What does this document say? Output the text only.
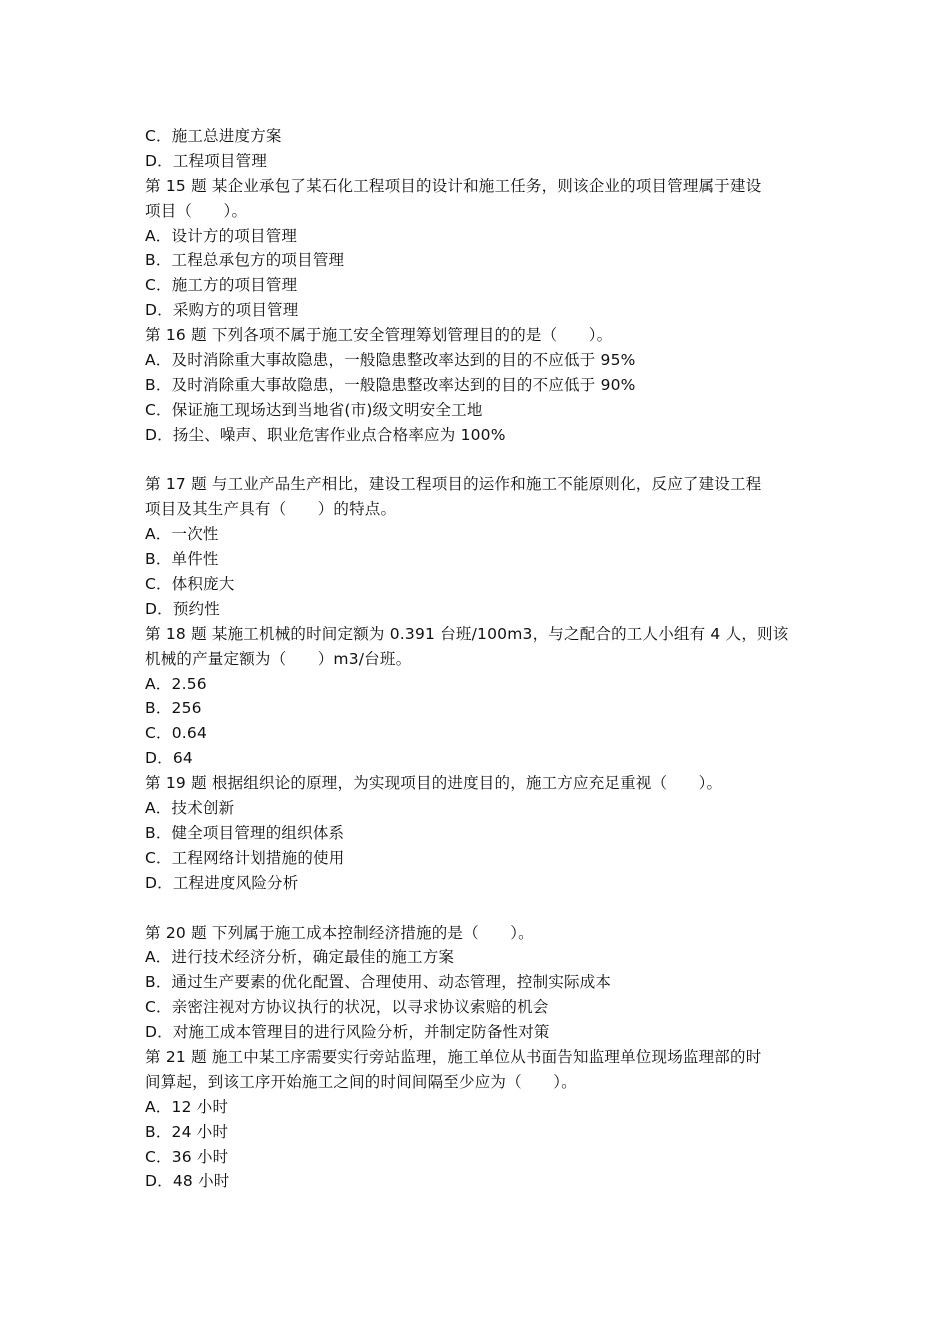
C．施工总进度方案
D．工程项目管理
第 15 题 某企业承包了某石化工程项目的设计和施工任务，则该企业的项目管理属于建设
项目（　　）。
A．设计方的项目管理
B．工程总承包方的项目管理
C．施工方的项目管理
D．采购方的项目管理
第 16 题 下列各项不属于施工安全管理筹划管理目的的是（　　）。
A．及时消除重大事故隐患，一般隐患整改率达到的目的不应低于 95%
B．及时消除重大事故隐患，一般隐患整改率达到的目的不应低于 90%
C．保证施工现场达到当地省(市)级文明安全工地
D．扬尘、噪声、职业危害作业点合格率应为 100%
第 17 题 与工业产品生产相比，建设工程项目的运作和施工不能原则化，反应了建设工程
项目及其生产具有（　　）的特点。
A．一次性
B．单件性
C．体积庞大
D．预约性
第 18 题 某施工机械的时间定额为 0.391 台班/100m3，与之配合的工人小组有 4 人，则该
机械的产量定额为（　　）m3/台班。
A．2.56
B．256
C．0.64
D．64
第 19 题 根据组织论的原理，为实现项目的进度目的，施工方应充足重视（　　）。
A．技术创新
B．健全项目管理的组织体系
C．工程网络计划措施的使用
D．工程进度风险分析
第 20 题 下列属于施工成本控制经济措施的是（　　）。
A．进行技术经济分析，确定最佳的施工方案
B．通过生产要素的优化配置、合理使用、动态管理，控制实际成本
C．亲密注视对方协议执行的状况，以寻求协议索赔的机会
D．对施工成本管理目的进行风险分析，并制定防备性对策
第 21 题 施工中某工序需要实行旁站监理，施工单位从书面告知监理单位现场监理部的时
间算起，到该工序开始施工之间的时间间隔至少应为（　　）。
A．12 小时
B．24 小时
C．36 小时
D．48 小时
